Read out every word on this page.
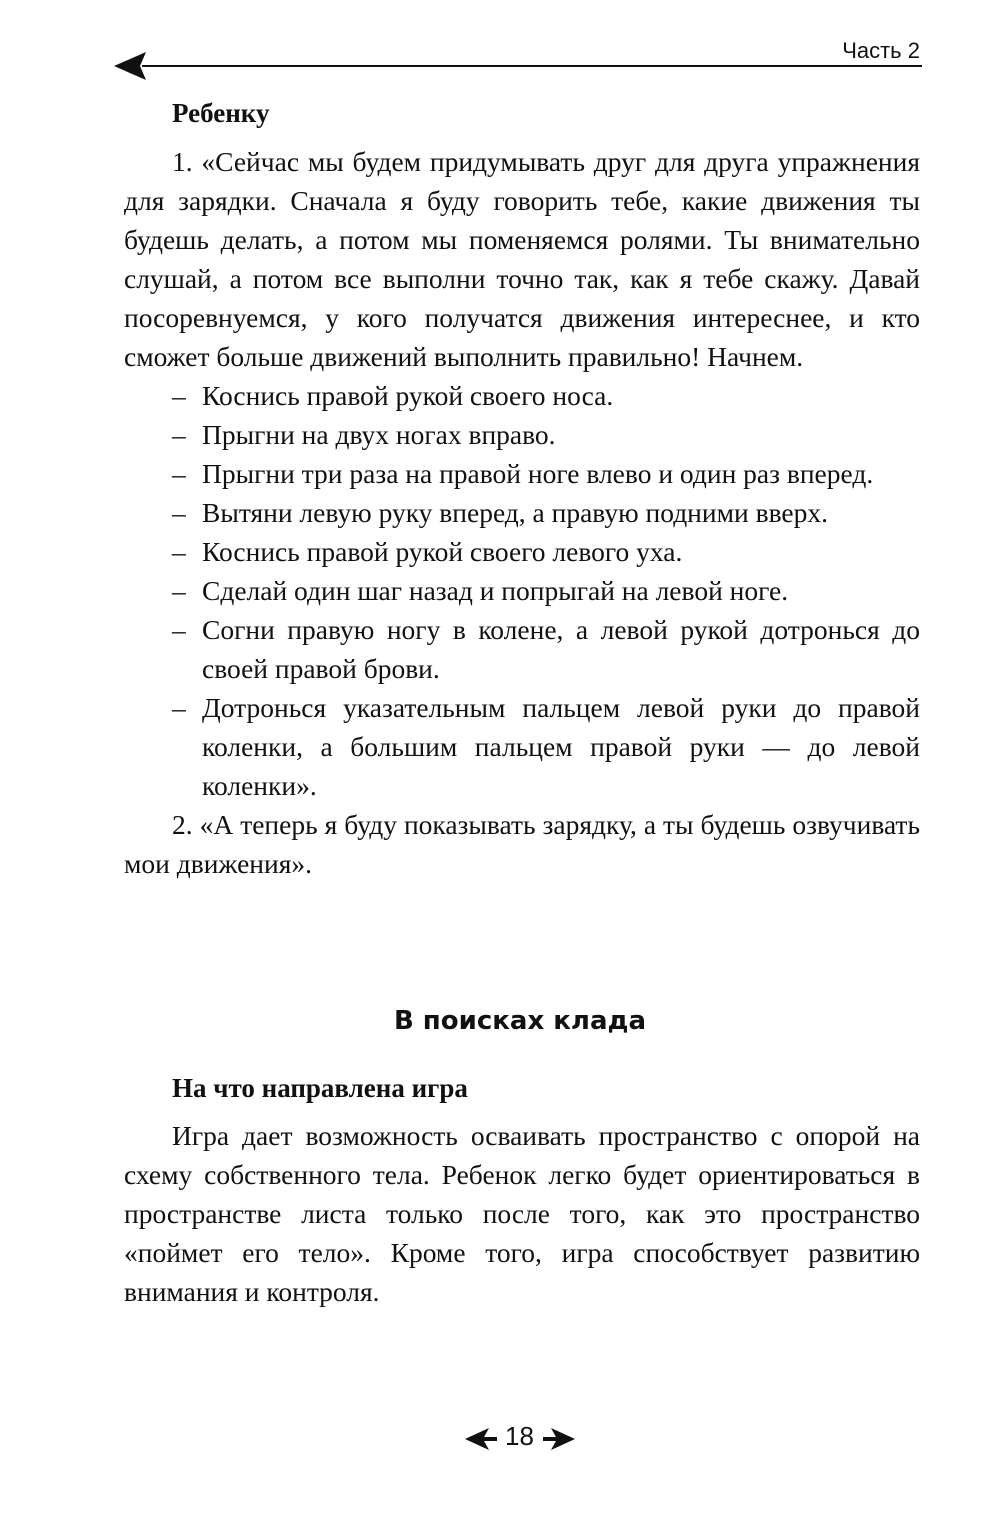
Часть 2
Ребенку

1. «Сейчас мы будем придумывать друг для друга упражнения для зарядки. Сначала я буду говорить тебе, какие движения ты будешь делать, а потом мы поменяемся ролями. Ты внимательно слушай, а потом все выполни точно так, как я тебе скажу. Давай посоревнуемся, у кого получатся движения интереснее, и кто сможет больше движений выполнить правильно! Начнем.

– Коснись правой рукой своего носа.
– Прыгни на двух ногах вправо.
– Прыгни три раза на правой ноге влево и один раз вперед.
– Вытяни левую руку вперед, а правую подними вверх.
– Коснись правой рукой своего левого уха.
– Сделай один шаг назад и попрыгай на левой ноге.
– Согни правую ногу в колене, а левой рукой дотронься до своей правой брови.
– Дотронься указательным пальцем левой руки до правой коленки, а большим пальцем правой руки — до левой коленки».

2. «А теперь я буду показывать зарядку, а ты будешь озвучивать мои движения».

В поисках клада
На что направлена игра

Игра дает возможность осваивать пространство с опорой на схему собственного тела. Ребенок легко будет ориентироваться в пространстве листа только после того, как это пространство «поймет его тело». Кроме того, игра способствует развитию внимания и контроля.

18
